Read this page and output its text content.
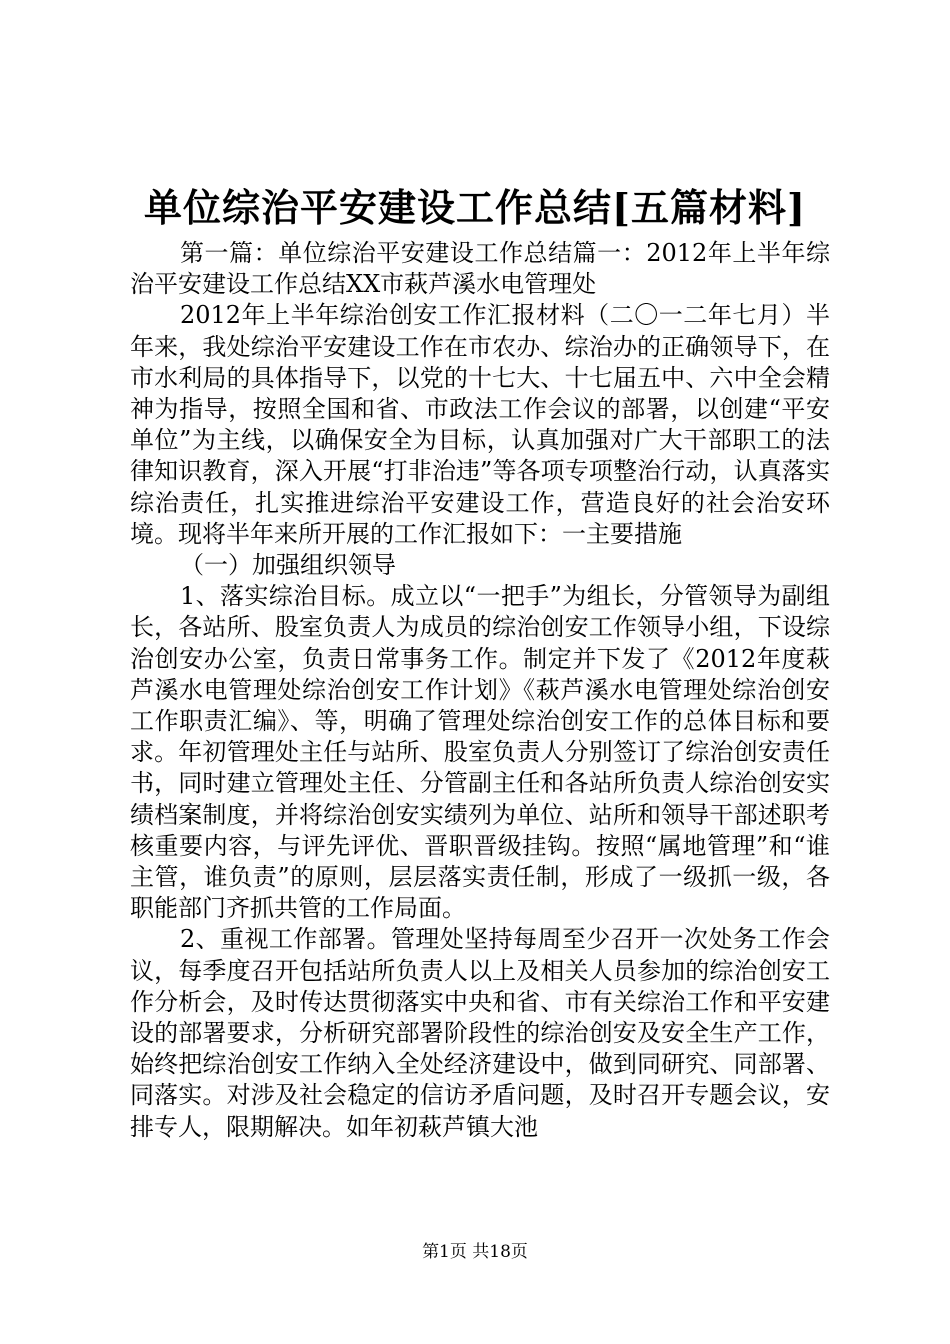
单位综治平安建设工作总结[五篇材料]

第一篇：单位综治平安建设工作总结篇一：2012年上半年综治平安建设工作总结XX市萩芦溪水电管理处

2012年上半年综治创安工作汇报材料（二〇一二年七月）半年来，我处综治平安建设工作在市农办、综治办的正确领导下，在市水利局的具体指导下，以党的十七大、十七届五中、六中全会精神为指导，按照全国和省、市政法工作会议的部署，以创建“平安单位”为主线，以确保安全为目标，认真加强对广大干部职工的法律知识教育，深入开展“打非治违”等各项专项整治行动，认真落实综治责任，扎实推进综治平安建设工作，营造良好的社会治安环境。现将半年来所开展的工作汇报如下：一主要措施

（一）加强组织领导

1、落实综治目标。成立以“一把手”为组长，分管领导为副组长，各站所、股室负责人为成员的综治创安工作领导小组，下设综治创安办公室，负责日常事务工作。制定并下发了《2012年度萩芦溪水电管理处综治创安工作计划》《萩芦溪水电管理处综治创安工作职责汇编》、等，明确了管理处综治创安工作的总体目标和要求。年初管理处主任与站所、股室负责人分别签订了综治创安责任书，同时建立管理处主任、分管副主任和各站所负责人综治创安实绩档案制度，并将综治创安实绩列为单位、站所和领导干部述职考核重要内容，与评先评优、晋职晋级挂钩。按照“属地管理”和“谁主管，谁负责”的原则，层层落实责任制，形成了一级抓一级，各职能部门齐抓共管的工作局面。

2、重视工作部署。管理处坚持每周至少召开一次处务工作会议，每季度召开包括站所负责人以上及相关人员参加的综治创安工作分析会，及时传达贯彻落实中央和省、市有关综治工作和平安建设的部署要求，分析研究部署阶段性的综治创安及安全生产工作，始终把综治创安工作纳入全处经济建设中，做到同研究、同部署、同落实。对涉及社会稳定的信访矛盾问题，及时召开专题会议，安排专人，限期解决。如年初萩芦镇大池

第1页 共18页
